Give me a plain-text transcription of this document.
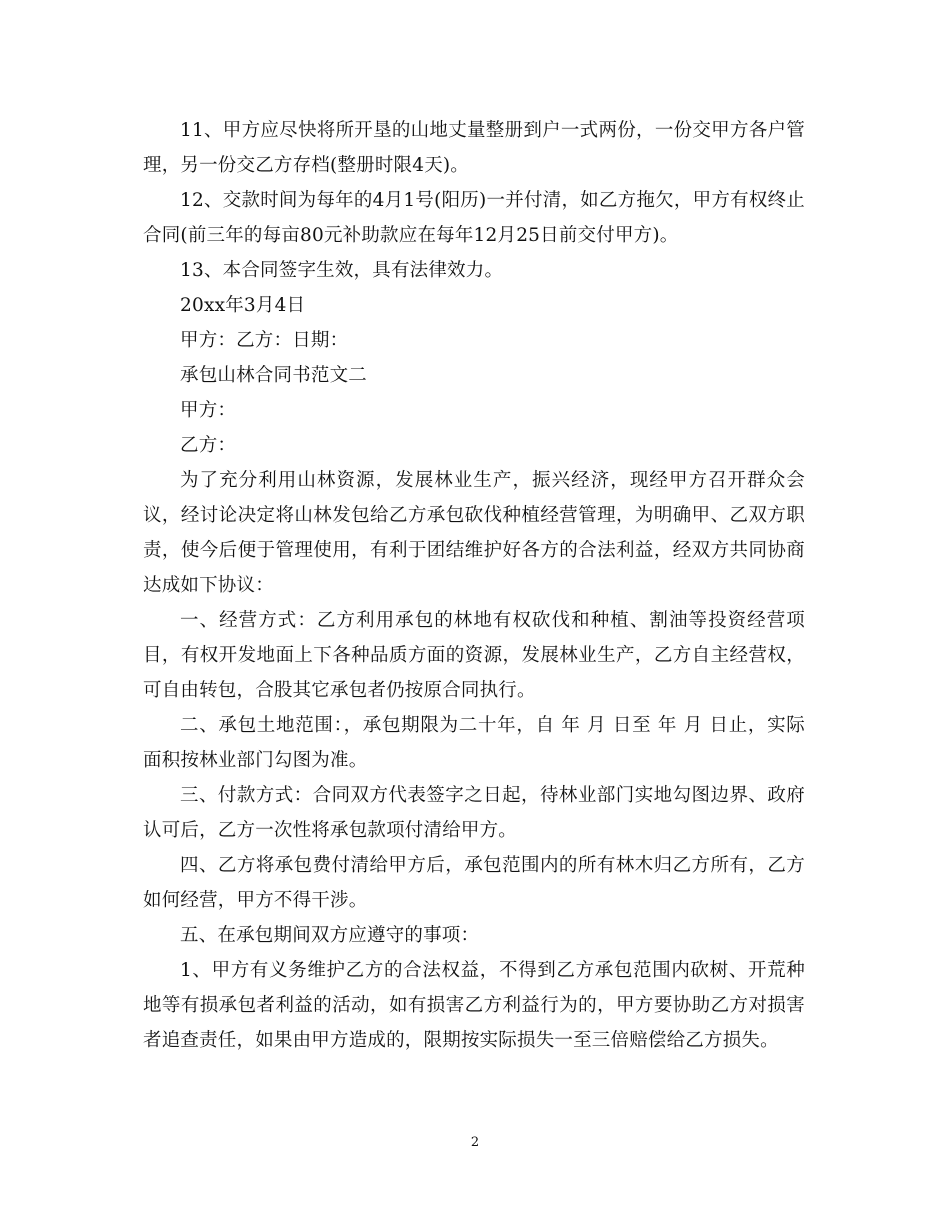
11、甲方应尽快将所开垦的山地丈量整册到户一式两份，一份交甲方各户管理，另一份交乙方存档(整册时限4天)。

12、交款时间为每年的4月1号(阳历)一并付清，如乙方拖欠，甲方有权终止合同(前三年的每亩80元补助款应在每年12月25日前交付甲方)。

13、本合同签字生效，具有法律效力。

20xx年3月4日

甲方：乙方：日期：

承包山林合同书范文二

甲方：

乙方：

为了充分利用山林资源，发展林业生产，振兴经济，现经甲方召开群众会议，经讨论决定将山林发包给乙方承包砍伐种植经营管理，为明确甲、乙双方职责，使今后便于管理使用，有利于团结维护好各方的合法利益，经双方共同协商达成如下协议：

一、经营方式：乙方利用承包的林地有权砍伐和种植、割油等投资经营项目，有权开发地面上下各种品质方面的资源，发展林业生产，乙方自主经营权，可自由转包，合股其它承包者仍按原合同执行。

二、承包土地范围：，承包期限为二十年，自 年 月 日至 年 月 日止，实际面积按林业部门勾图为准。

三、付款方式：合同双方代表签字之日起，待林业部门实地勾图边界、政府认可后，乙方一次性将承包款项付清给甲方。

四、乙方将承包费付清给甲方后，承包范围内的所有林木归乙方所有，乙方如何经营，甲方不得干涉。

五、在承包期间双方应遵守的事项：

1、甲方有义务维护乙方的合法权益，不得到乙方承包范围内砍树、开荒种地等有损承包者利益的活动，如有损害乙方利益行为的，甲方要协助乙方对损害者追查责任，如果由甲方造成的，限期按实际损失一至三倍赔偿给乙方损失。

2
